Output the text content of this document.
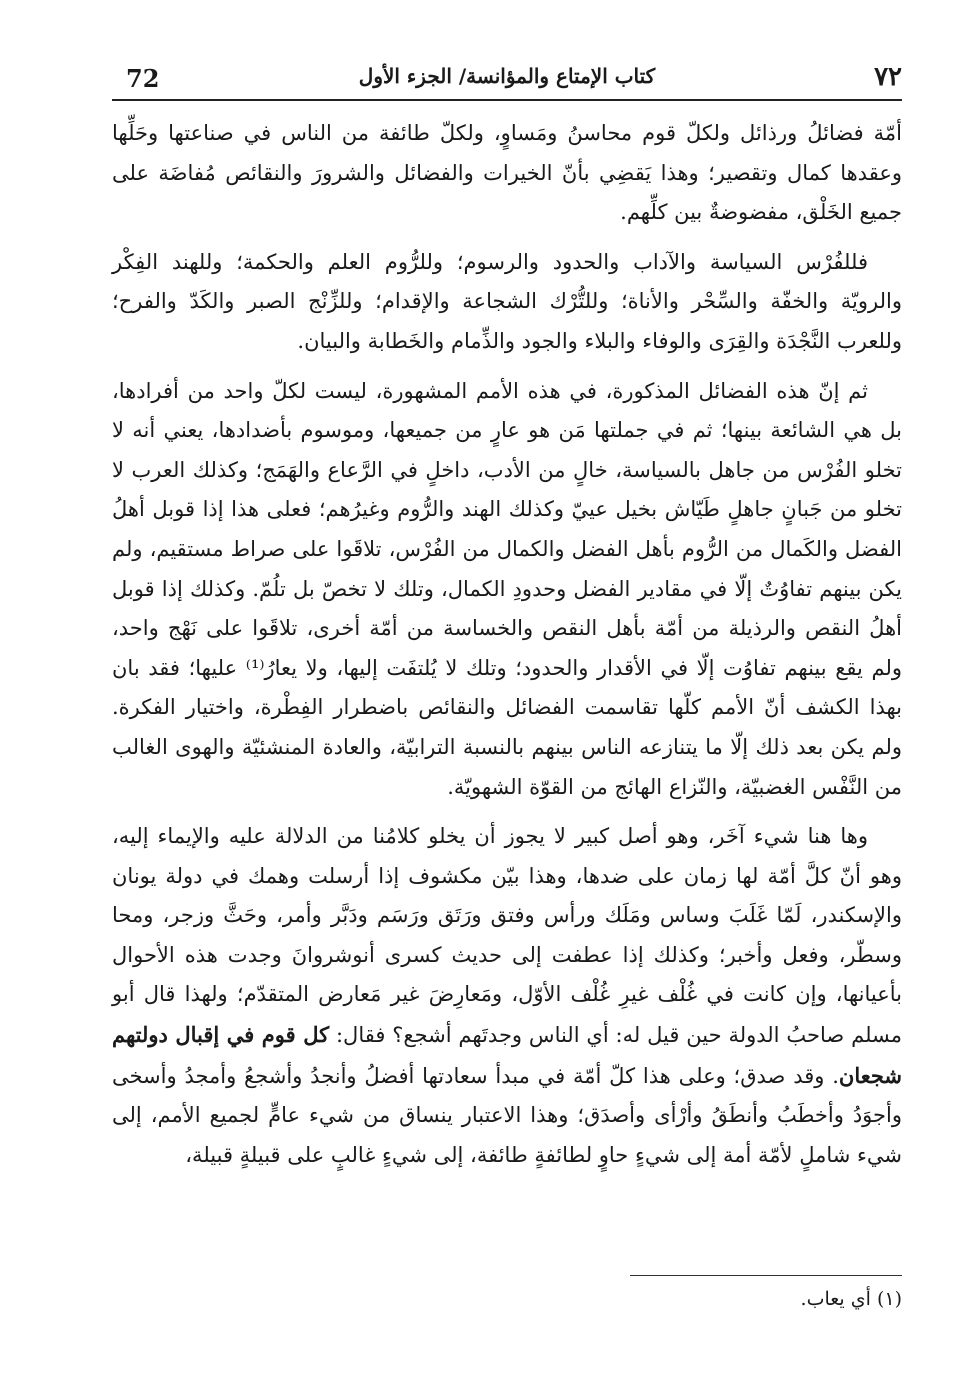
72	كتاب الإمتاع والمؤانسة/ الجزء الأول	٧٢

أمّة فضائلُ ورذائل ولكلّ قوم محاسنُ ومَساوٍ، ولكلّ طائفة من الناس في صناعتها وحَلِّها وعقدها كمال وتقصير؛ وهذا يَقضِي بأنّ الخيرات والفضائل والشرورَ والنقائص مُفاضَة على جميع الخَلْق، مفضوضةٌ بين كلِّهم.

فللفُرْس السياسة والآداب والحدود والرسوم؛ وللرُّوم العلم والحكمة؛ وللهند الفِكْر والرويّة والخفّة والسِّحْر والأناة؛ وللتُّرْك الشجاعة والإقدام؛ وللزِّنْج الصبر والكَدّ والفرح؛ وللعرب النَّجْدَة والقِرَى والوفاء والبلاء والجود والذِّمام والخَطابة والبيان.

ثم إنّ هذه الفضائل المذكورة، في هذه الأمم المشهورة، ليست لكلّ واحد من أفرادها، بل هي الشائعة بينها؛ ثم في جملتها مَن هو عارٍ من جميعها، وموسوم بأضدادها، يعني أنه لا تخلو الفُرْس من جاهل بالسياسة، خالٍ من الأدب، داخلٍ في الرَّعاع والهَمَج؛ وكذلك العرب لا تخلو من جَبانٍ جاهلٍ طَيّاش بخيل عييّ وكذلك الهند والرُّوم وغيرُهم؛ فعلى هذا إذا قوبل أهلُ الفضل والكَمال من الرُّوم بأهل الفضل والكمال من الفُرْس، تلاقَوا على صراط مستقيم، ولم يكن بينهم تفاوُتٌ إلّا في مقادير الفضل وحدودِ الكمال، وتلك لا تخصّ بل تلُمّ. وكذلك إذا قوبل أهلُ النقص والرذيلة من أمّة بأهل النقص والخساسة من أمّة أخرى، تلاقَوا على نَهْج واحد، ولم يقع بينهم تفاوُت إلّا في الأقدار والحدود؛ وتلك لا يُلتفَت إليها، ولا يعارُ⁽¹⁾ عليها؛ فقد بان بهذا الكشف أنّ الأمم كلّها تقاسمت الفضائل والنقائص باضطرار الفِطْرة، واختيار الفكرة. ولم يكن بعد ذلك إلّا ما يتنازعه الناس بينهم بالنسبة الترابيّة، والعادة المنشئيّة والهوى الغالب من النَّفْس الغضبيّة، والنّزاع الهائج من القوّة الشهويّة.

وها هنا شيء آخَر، وهو أصل كبير لا يجوز أن يخلو كلامُنا من الدلالة عليه والإيماء إليه، وهو أنّ كلَّ أمّة لها زمان على ضدها، وهذا بيّن مكشوف إذا أرسلت وهمك في دولة يونان والإسكندر، لَمّا غَلَبَ وساس ومَلَك ورأس وفتق ورَتَق ورَسَم ودَبَّر وأمر، وحَثَّ وزجر، ومحا وسطّر، وفعل وأخبر؛ وكذلك إذا عطفت إلى حديث كسرى أنوشروانَ وجدت هذه الأحوال بأعيانها، وإن كانت في غُلْف غيرِ غُلْف الأوّل، ومَعارِضَ غير مَعارض المتقدّم؛ ولهذا قال أبو مسلم صاحبُ الدولة حين قيل له: أي الناس وجدتَهم أشجع؟ فقال: كل قوم في إقبال دولتهم شجعان. وقد صدق؛ وعلى هذا كلّ أمّة في مبدأ سعادتها أفضلُ وأنجدُ وأشجعُ وأمجدُ وأسخى وأجوَدُ وأخطَبُ وأنطَقُ وأرْأى وأصدَق؛ وهذا الاعتبار ينساق من شيء عامٍّ لجميع الأمم، إلى شيء شاملٍ لأمّة أمة إلى شيءٍ حاوٍ لطائفةٍ طائفة، إلى شيءٍ غالبٍ على قبيلةٍ قبيلة،

(١) أي يعاب.
